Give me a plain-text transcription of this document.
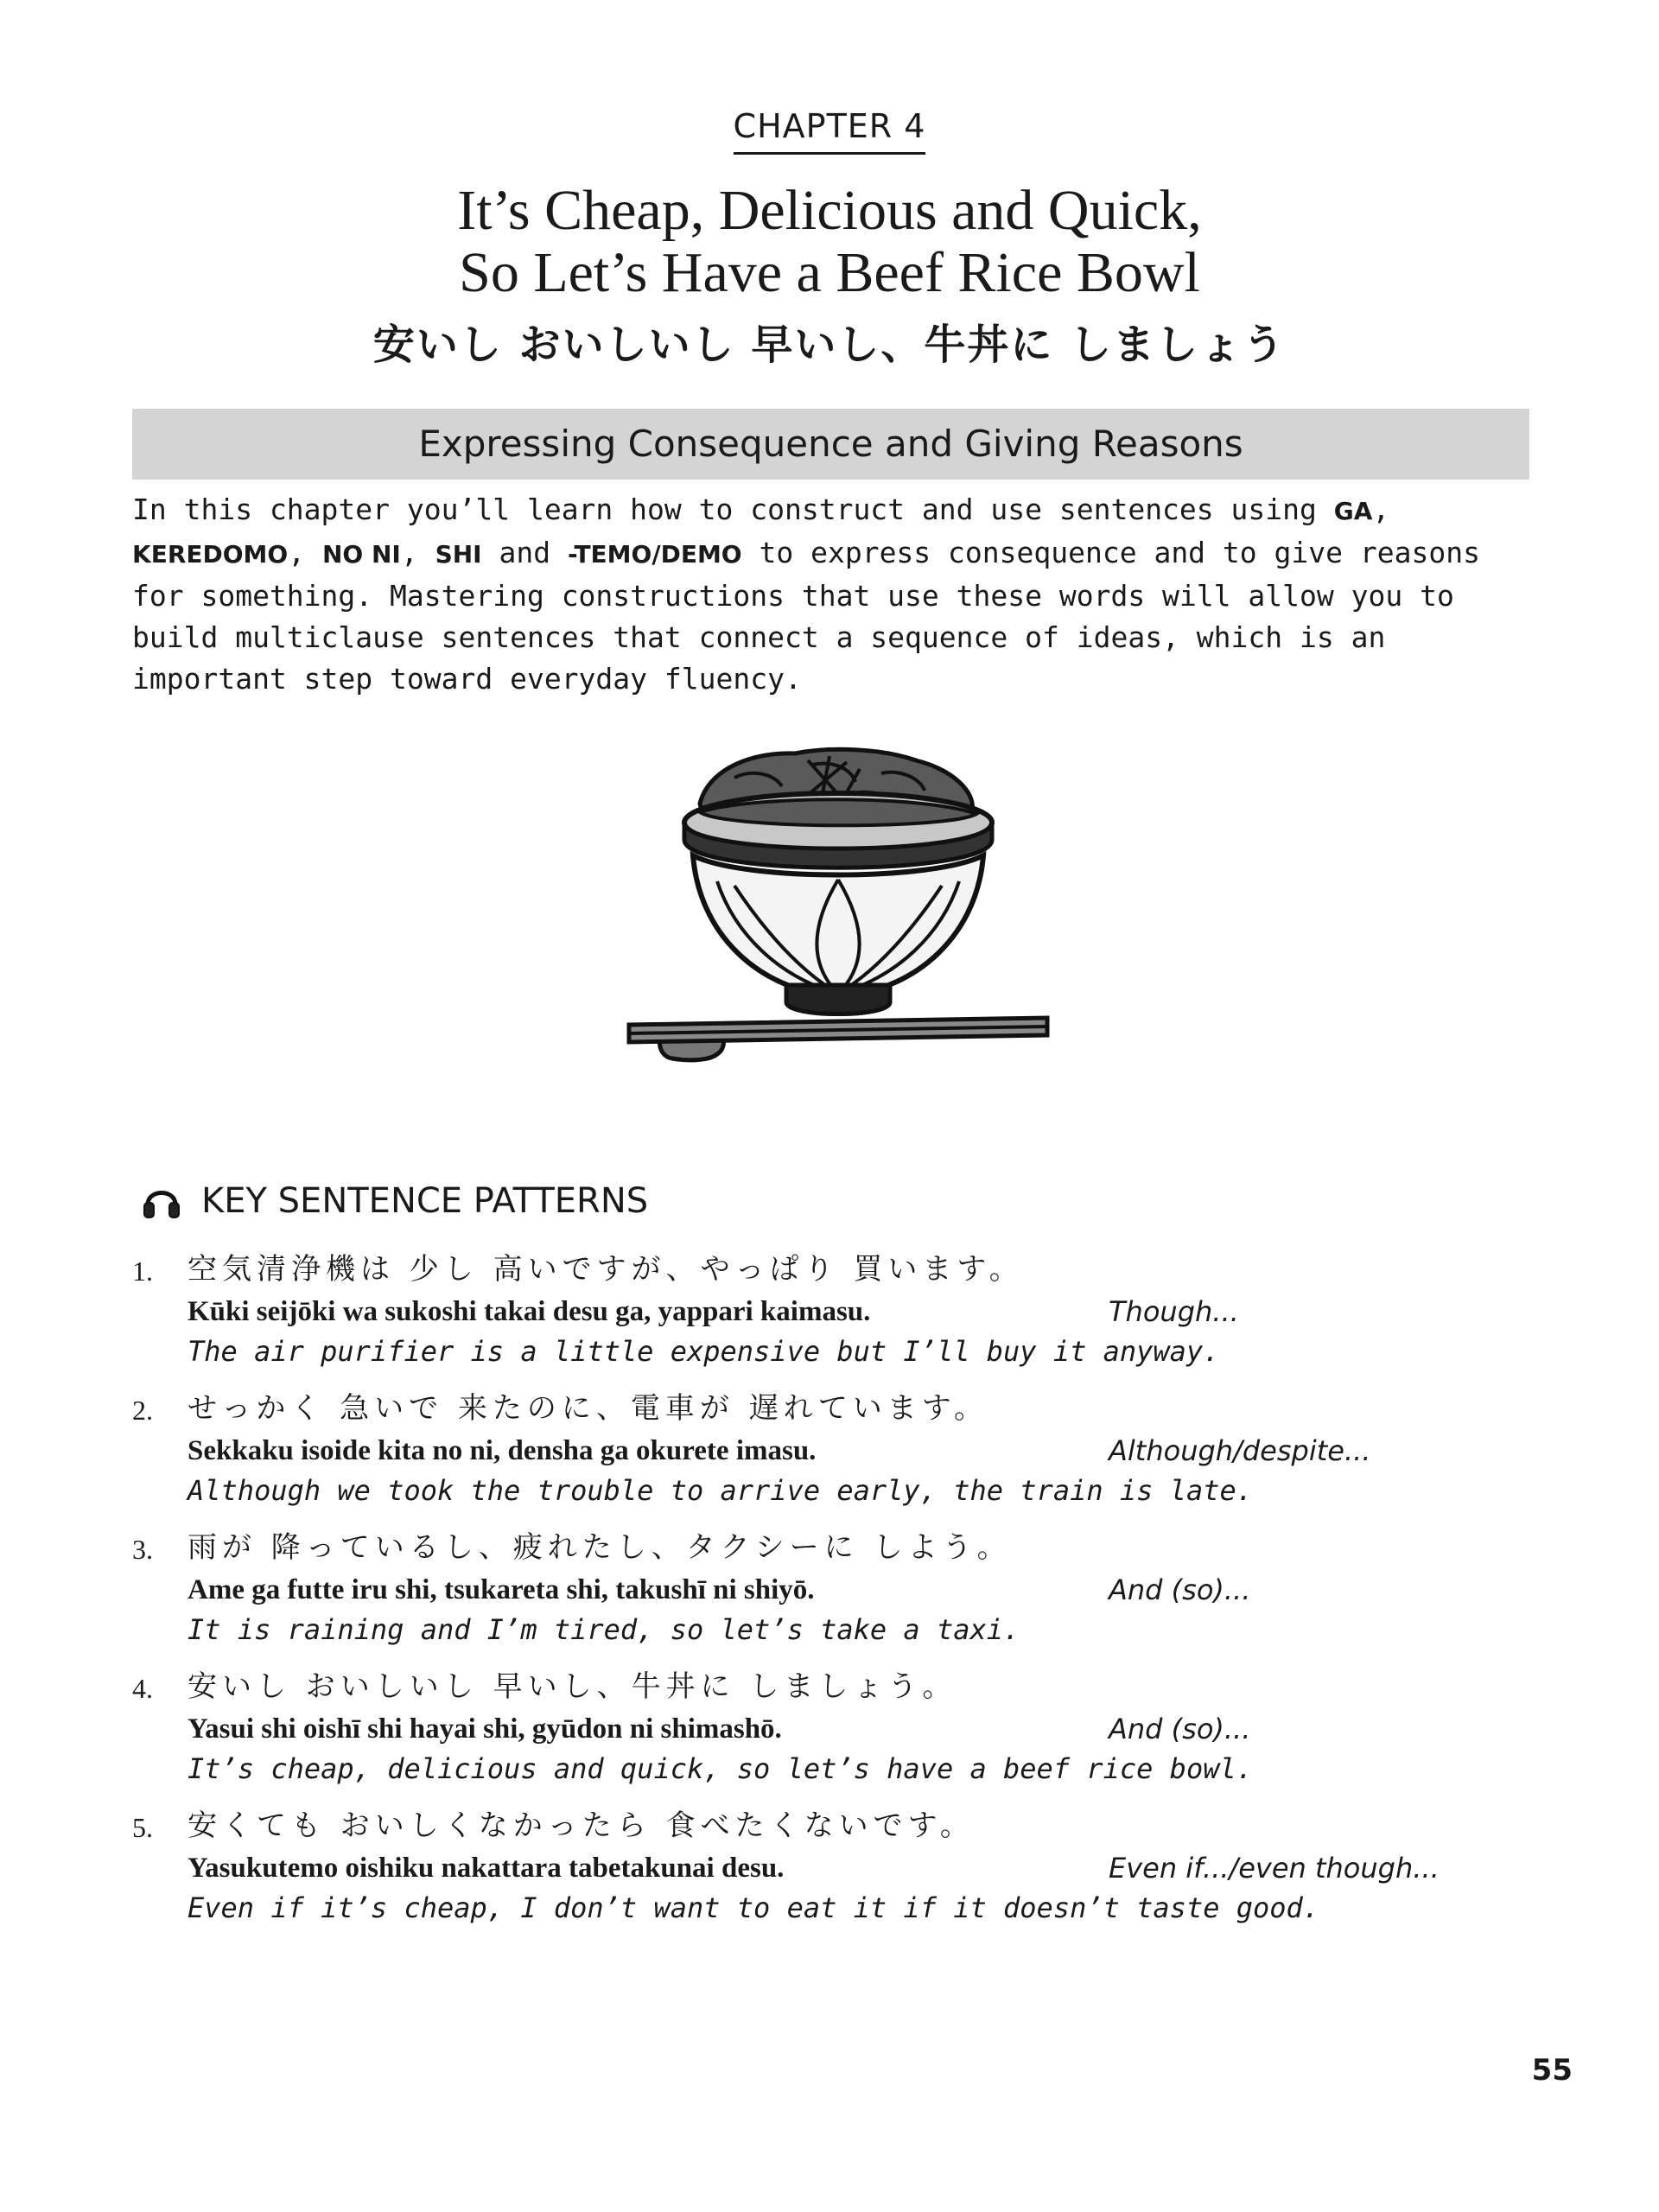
CHAPTER 4
It’s Cheap, Delicious and Quick,
So Let’s Have a Beef Rice Bowl
安いし おいしいし 早いし、牛丼に しましょう
Expressing Consequence and Giving Reasons
In this chapter you’ll learn how to construct and use sentences using GA, KEREDOMO, NO NI, SHI and -TEMO/DEMO to express consequence and to give reasons for something. Mastering constructions that use these words will allow you to build multiclause sentences that connect a sequence of ideas, which is an important step toward everyday fluency.
KEY SENTENCE PATTERNS
1.	空気清浄機は 少し 高いですが、やっぱり 買います。
Kūki seijōki wa sukoshi takai desu ga, yappari kaimasu.	Though...
The air purifier is a little expensive but I’ll buy it anyway.
2.	せっかく 急いで 来たのに、電車が 遅れています。
Sekkaku isoide kita no ni, densha ga okurete imasu.	Although/despite...
Although we took the trouble to arrive early, the train is late.
3.	雨が 降っているし、疲れたし、タクシーに しよう。
Ame ga futte iru shi, tsukareta shi, takushī ni shiyō.	And (so)...
It is raining and I’m tired, so let’s take a taxi.
4.	安いし おいしいし 早いし、牛丼に しましょう。
Yasui shi oishī shi hayai shi, gyūdon ni shimashō.	And (so)...
It’s cheap, delicious and quick, so let’s have a beef rice bowl.
5.	安くても おいしくなかったら 食べたくないです。
Yasukutemo oishiku nakattara tabetakunai desu.	Even if.../even though...
Even if it’s cheap, I don’t want to eat it if it doesn’t taste good.
55
